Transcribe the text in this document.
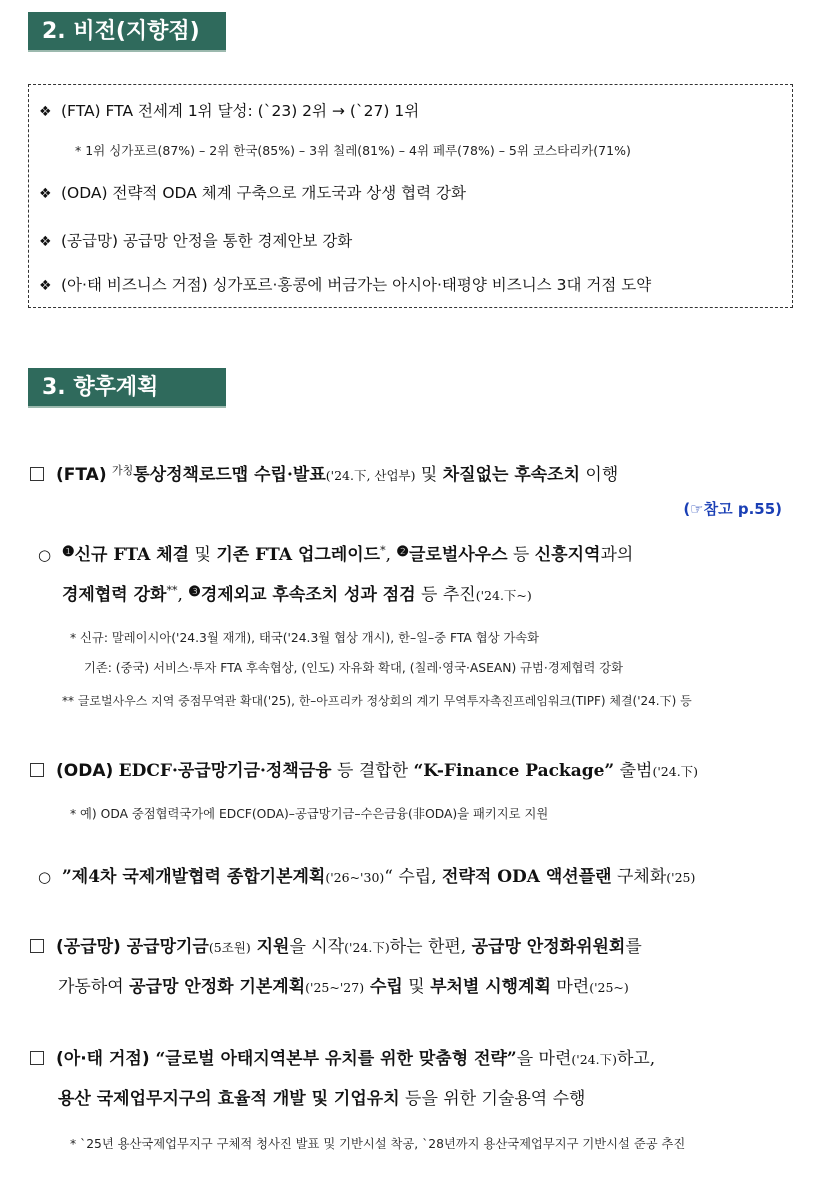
2. 비전(지향점)
❖ (FTA) FTA 전세계 1위 달성: (`23) 2위 → (`27) 1위
* 1위 싱가포르(87%) – 2위 한국(85%) – 3위 칠레(81%) – 4위 페루(78%) – 5위 코스타리카(71%)
❖ (ODA) 전략적 ODA 체계 구축으로 개도국과 상생 협력 강화
❖ (공급망) 공급망 안정을 통한 경제안보 강화
❖ (아·태 비즈니스 거점) 싱가포르·홍콩에 버금가는 아시아·태평양 비즈니스 3대 거점 도약
3. 향후계획
(FTA) $^{가칭}$통상정책로드맵 수립·발표('24.下, 산업부) 및 차질없는 후속조치 이행
(☞참고 p.55)
○ $^❶$신규 FTA 체결 및 기존 FTA 업그레이드*, $^❷$글로벌사우스 등 신흥지역과의
경제협력 강화**, $^❸$경제외교 후속조치 성과 점검 등 추진('24.下~)
* 신규: 말레이시아('24.3월 재개), 태국('24.3월 협상 개시), 한–일–중 FTA 협상 가속화
기존: (중국) 서비스·투자 FTA 후속협상, (인도) 자유화 확대, (칠레·영국·ASEAN) 규범·경제협력 강화
** 글로벌사우스 지역 중점무역관 확대('25), 한–아프리카 정상회의 계기 무역투자촉진프레임워크(TIPF) 체결('24.下) 등
(ODA) EDCF·공급망기금·정책금융 등 결합한 “K-Finance Package” 출범('24.下)
* 예) ODA 중점협력국가에 EDCF(ODA)–공급망기금–수은금융(非ODA)을 패키지로 지원
○ ”제4차 국제개발협력 종합기본계획('26~'30)“ 수립, 전략적 ODA 액션플랜 구체화('25)
(공급망) 공급망기금(5조원) 지원을 시작('24.下)하는 한편, 공급망 안정화위원회를
가동하여 공급망 안정화 기본계획('25~'27) 수립 및 부처별 시행계획 마련('25~)
(아·태 거점) “글로벌 아태지역본부 유치를 위한 맞춤형 전략”을 마련('24.下)하고,
용산 국제업무지구의 효율적 개발 및 기업유치 등을 위한 기술용역 수행
* `25년 용산국제업무지구 구체적 청사진 발표 및 기반시설 착공, `28년까지 용산국제업무지구 기반시설 준공 추진
